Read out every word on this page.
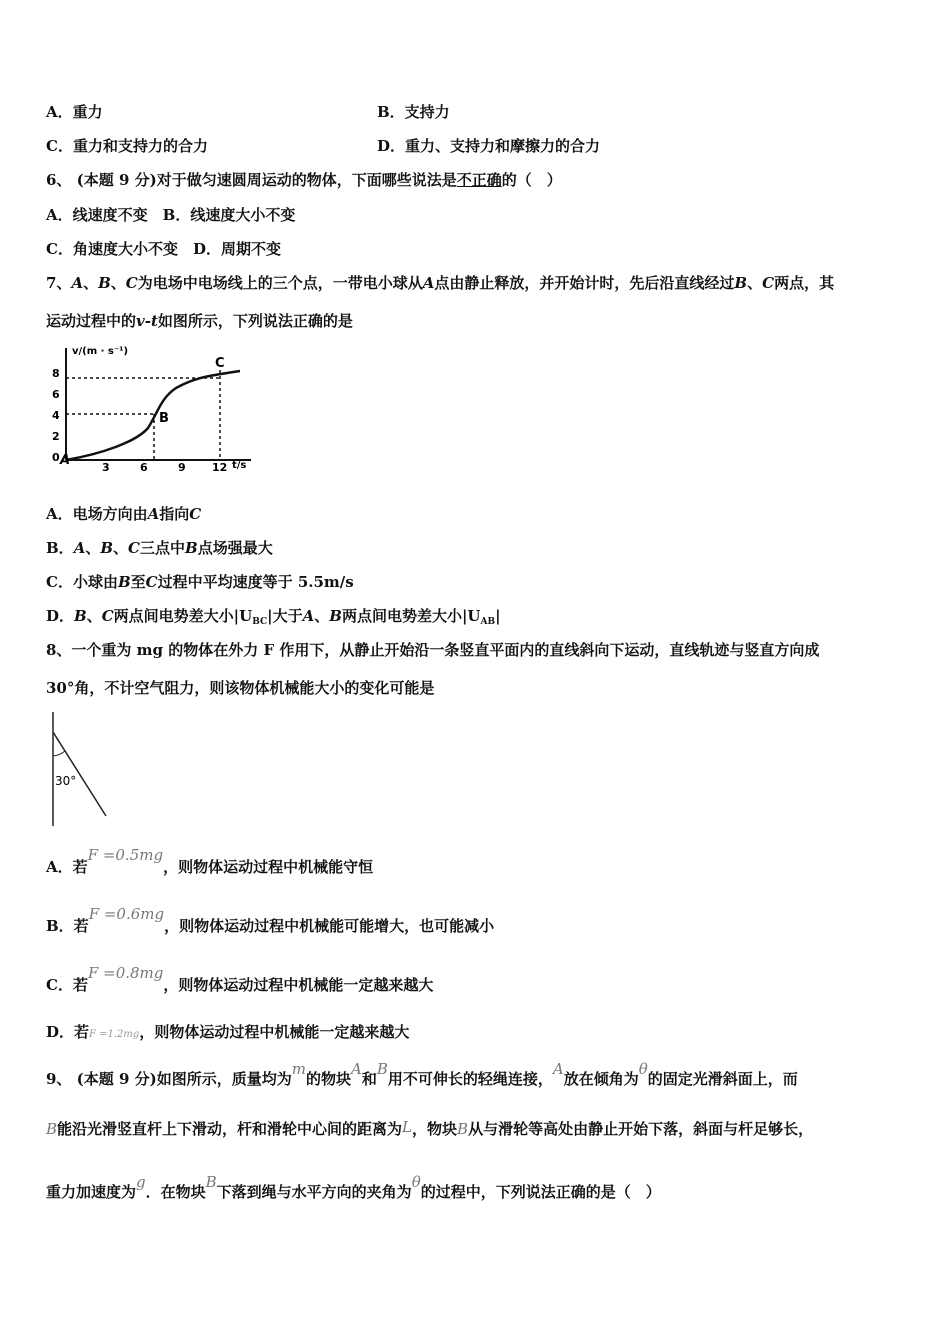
A．重力	B．支持力
C．重力和支持力的合力	D．重力、支持力和摩擦力的合力
6、 (本题 9 分)对于做匀速圆周运动的物体，下面哪些说法是不正确的（　）
A．线速度不变　B．线速度大小不变
C．角速度大小不变　D．周期不变
7、A、B、C为电场中电场线上的三个点，一带电小球从A点由静止释放，并开始计时，先后沿直线经过B、C两点，其
运动过程中的v-t如图所示，下列说法正确的是
v/(m · s⁻¹)
t/s
8
6
4
2
0
3	6	9 12
A
B
C
A．电场方向由A指向C
B．A、B、C三点中B点场强最大
C．小球由B至C过程中平均速度等于 5.5m/s
D．B、C两点间电势差大小$|U_{BC}|$大于A、B两点间电势差大小$|U_{AB}|$
8、一个重为 mg 的物体在外力 F 作用下，从静止开始沿一条竖直平面内的直线斜向下运动，直线轨迹与竖直方向成
30°角，不计空气阻力，则该物体机械能大小的变化可能是
30°
A．若F =0.5mg，则物体运动过程中机械能守恒
B．若F =0.6mg，则物体运动过程中机械能可能增大，也可能减小
C．若F =0.8mg，则物体运动过程中机械能一定越来越大
D．若F =1.2mg，则物体运动过程中机械能一定越来越大
9、 (本题 9 分)如图所示，质量均为m的物块A和B用不可伸长的轻绳连接，A放在倾角为θ的固定光滑斜面上，而
B能沿光滑竖直杆上下滑动，杆和滑轮中心间的距离为L，物块B从与滑轮等高处由静止开始下落，斜面与杆足够长，
重力加速度为g．在物块B下落到绳与水平方向的夹角为θ的过程中，下列说法正确的是（　）
